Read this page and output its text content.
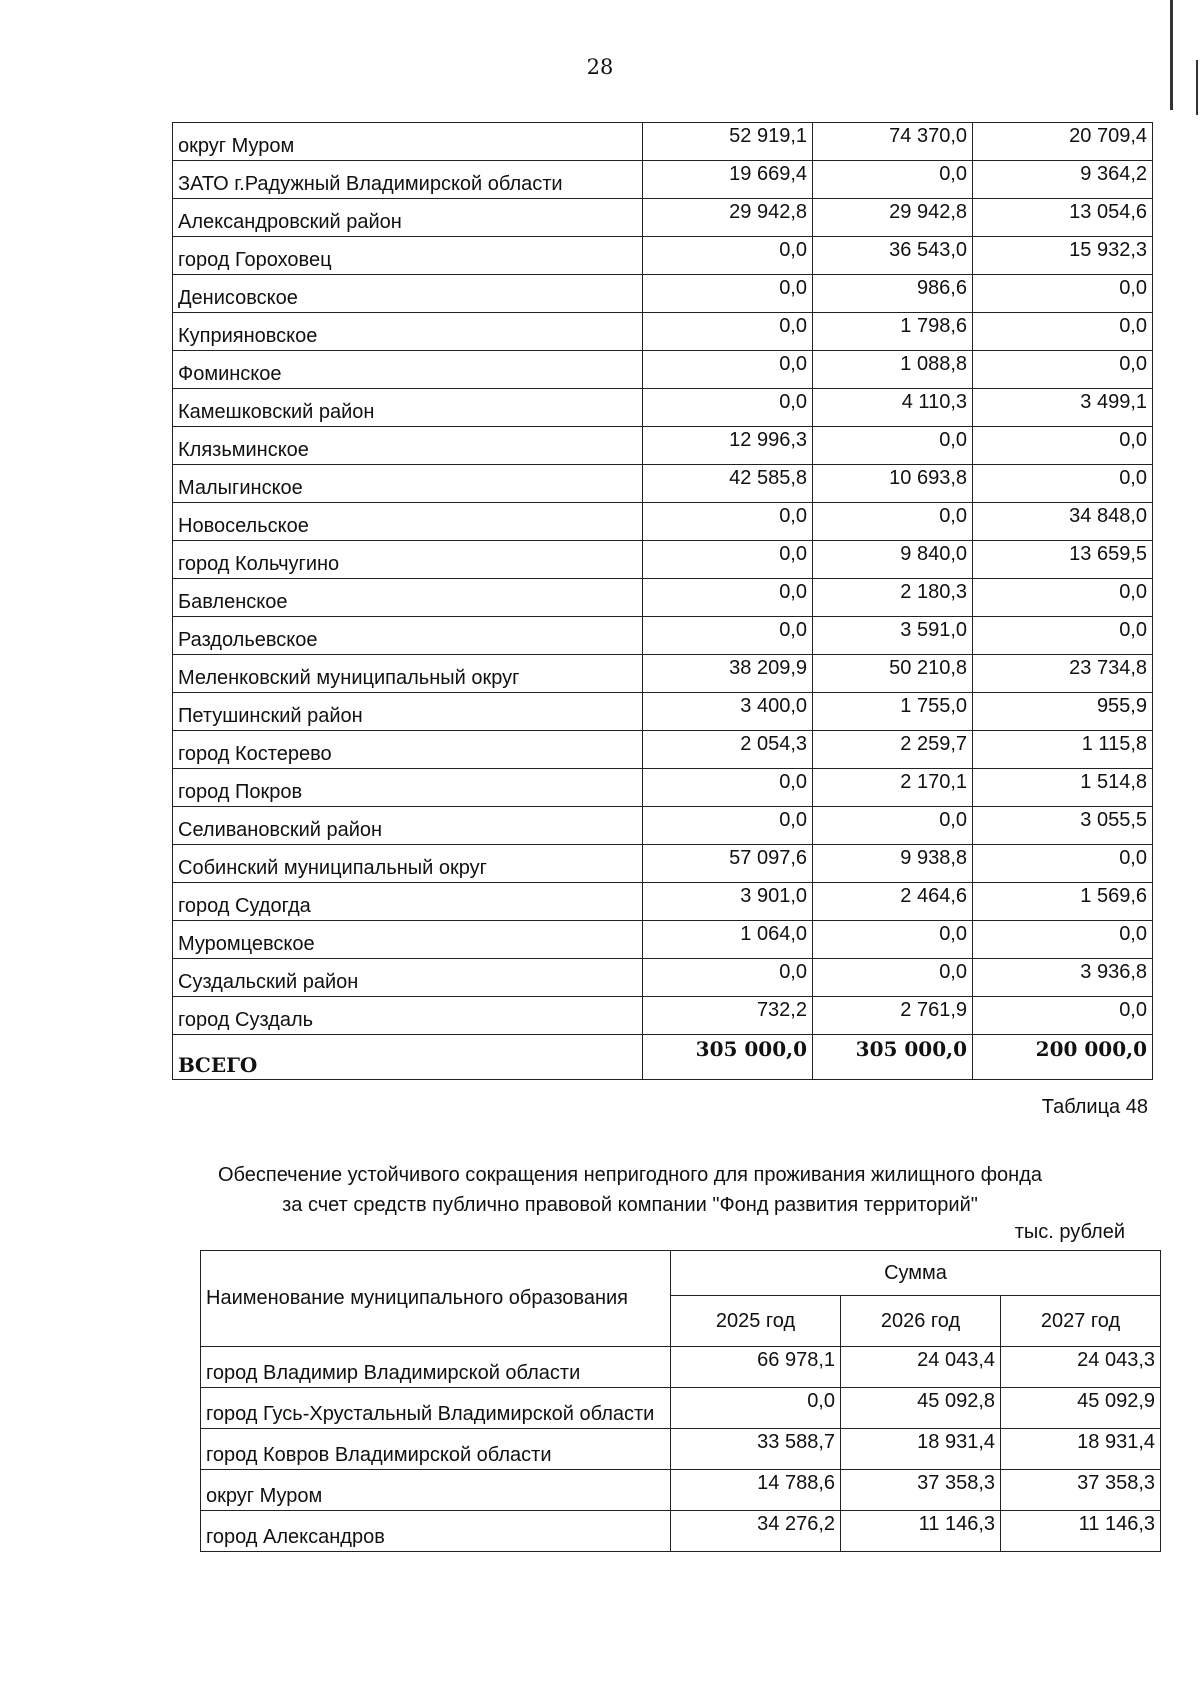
28
округ Муром	52 919,1	74 370,0	20 709,4
ЗАТО г.Радужный Владимирской области	19 669,4	0,0	9 364,2
Александровский район	29 942,8	29 942,8	13 054,6
город Гороховец	0,0	36 543,0	15 932,3
Денисовское	0,0	986,6	0,0
Куприяновское	0,0	1 798,6	0,0
Фоминское	0,0	1 088,8	0,0
Камешковский район	0,0	4 110,3	3 499,1
Клязьминское	12 996,3	0,0	0,0
Малыгинское	42 585,8	10 693,8	0,0
Новосельское	0,0	0,0	34 848,0
город Кольчугино	0,0	9 840,0	13 659,5
Бавленское	0,0	2 180,3	0,0
Раздольевское	0,0	3 591,0	0,0
Меленковский муниципальный округ	38 209,9	50 210,8	23 734,8
Петушинский район	3 400,0	1 755,0	955,9
город Костерево	2 054,3	2 259,7	1 115,8
город Покров	0,0	2 170,1	1 514,8
Селивановский район	0,0	0,0	3 055,5
Собинский муниципальный округ	57 097,6	9 938,8	0,0
город Судогда	3 901,0	2 464,6	1 569,6
Муромцевское	1 064,0	0,0	0,0
Суздальский район	0,0	0,0	3 936,8
город Суздаль	732,2	2 761,9	0,0
ВСЕГО	305 000,0	305 000,0	200 000,0
Таблица 48
Обеспечение устойчивого сокращения непригодного для проживания жилищного фонда
за счет средств публично правовой компании "Фонд развития территорий"
тыс. рублей
Наименование муниципального образования	Сумма		
	2025 год	2026 год	2027 год
город Владимир Владимирской области	66 978,1	24 043,4	24 043,3
город Гусь-Хрустальный Владимирской области	0,0	45 092,8	45 092,9
город Ковров Владимирской области	33 588,7	18 931,4	18 931,4
округ Муром	14 788,6	37 358,3	37 358,3
город Александров	34 276,2	11 146,3	11 146,3
